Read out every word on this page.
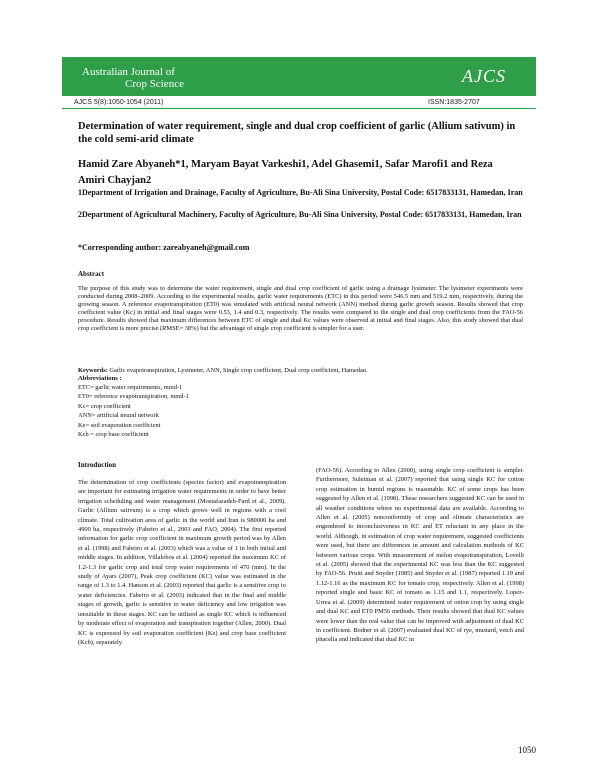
Australian Journal of
Crop Science	AJCS
AJCS 5(8):1050-1054 (2011)	ISSN:1835-2707
Determination of water requirement, single and dual crop coefficient of garlic (Allium sativum) in the cold semi-arid climate
Hamid Zare Abyaneh*1, Maryam Bayat Varkeshi1, Adel Ghasemi1, Safar Marofi1 and Reza Amiri Chayjan2
1Department of Irrigation and Drainage, Faculty of Agriculture, Bu-Ali Sina University, Postal Code: 6517833131, Hamedan, Iran
2Department of Agricultural Machinery, Faculty of Agriculture, Bu-Ali Sina University, Postal Code: 6517833131, Hamedan, Iran
*Corresponding author: zareabyaneh@gmail.com
Abstract
The purpose of this study was to determine the water requirement, single and dual crop coefficient of garlic using a drainage lysimeter. The lysimeter experiments were conducted during 2008–2009. According to the experimental results, garlic water requirements (ETC) in this period were 546.5 mm and 519.2 mm, respectively, during the growing season. A reference evapotranspiration (ET0) was simulated with artificial neural network (ANN) method during garlic growth season. Results showed that crop coefficient value (Kc) in initial and final stages were 0.53, 1.4 and 0.3, respectively. The results were compared to the single and dual crop coefficients from the FAO-56 procedure. Results showed that maximum differences between ETC of single and dual Kc values were observed at initial and final stages. Also, this study showed that dual crop coefficient is more precise (RMSE= 38%) but the advantage of single crop coefficient is simpler for a user.
Keywords: Garlic evapotranspiration, Lysimeter, ANN, Single crop coefficient, Dual crop coefficient, Hamedan.
Abbreviations :
ETC= garlic water requirements, mmd-1
ET0= reference evapotranspiration, mmd-1
Kc= crop coefficient
ANN= artificial neural network
Ke= soil evaporation coefficient
Kcb = crop base coefficient
Introduction
The determination of crop coefficients (species factor) and evapotranspiration are important for estimating irrigation water requirements in order to have better irrigation scheduling and water management (Mostafazadeh-Fard et al., 2009). Garlic (Allium sativum) is a crop which grows well in regions with a cool climate. Total cultivation area of garlic in the world and Iran is 980000 ha and 4900 ha, respectively (Fabeiro et al., 2003 and FAO, 2004). The first reported information for garlic crop coefficient in maximum growth period was by Allen et al. (1998) and Fabeiro et al. (2003) which was a value of 1 in both initial and middle stages. In addition, Villalobos et al. (2004) reported the maximum KC of 1.2-1.3 for garlic crop and total crop water requirements of 470 (mm). In the study of Ayars (2007), Peak crop coefficient (KC) value was estimated in the range of 1.3 to 1.4. Hanson et al. (2003) reported that garlic is a sensitive crop to water deficiencies. Fabeiro et al. (2003) indicated that in the final and middle stages of growth, garlic is sensitive to water deficiency and low irrigation was unsuitable in these stages. KC can be utilized as single KC which is influenced by moderate effect of evaporation and transpiration together (Allen, 2000). Dual KC is expressed by soil evaporation coefficient (Ke) and crop base coefficient (Kcb), separately
(FAO-56). According to Allen (2000), using single crop coefficient is simpler. Furthermore, Suleiman et al. (2007) reported that using single KC for cotton crop estimation in humid regions is reasonable. KC of some crops has been suggested by Allen et al. (1998). These researchers suggested KC can be used in all weather conditions where no experimental data are available. According to Allen et al. (2005) nonconformity of crop and climate characteristics are engendered to inconclusiveness in KC and ET reluctant in any place in the world. Although, in estimation of crop water requirement, suggested coefficients were used, but there are differences in amount and calculation methods of KC between various crops. With measurement of melon evapotranspiration, Lovelli et al. (2005) showed that the experimental KC was less than the KC suggested by FAO-56. Pruitt and Snyder (1985) and Snyder et al. (1987) reported 1.19 and 1.12-1.16 as the maximum KC for tomato crop, respectively. Allen et al. (1998) reported single and basic KC of tomato as 1.15 and 1.1, respectively. Lopez-Urrea et al. (2009) determined water requirement of onion crop by using single and dual KC and ET0 PM56 methods. Their results showed that dual KC values were lower than the real value that can be improved with adjustment of dual KC in coefficient. Bodner et al. (2007) evaluated dual KC of rye, mustard, vetch and phacelia and indicated that dual KC in
1050
